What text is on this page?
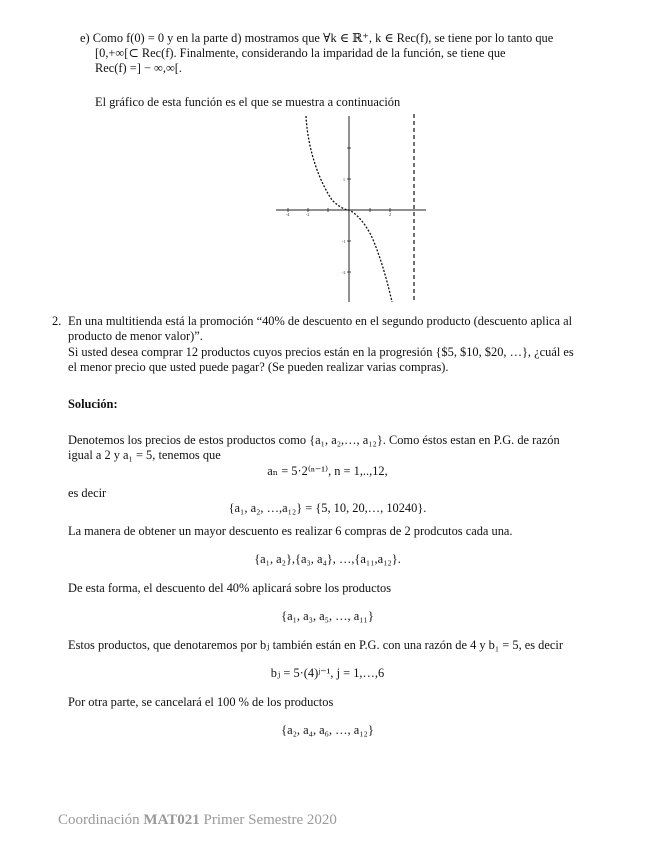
e) Como f(0) = 0 y en la parte d) mostramos que ∀k ∈ ℝ⁺, k ∈ Rec(f), se tiene por lo tanto que
[0,+∞[⊂ Rec(f). Finalmente, considerando la imparidad de la función, se tiene que
Rec(f) =] − ∞,∞[.
El gráfico de esta función es el que se muestra a continuación
-4	-2	2
1
-1
-2
2. En una multitienda está la promoción “40% de descuento en el segundo producto (descuento aplica al
producto de menor valor)”.
Si usted desea comprar 12 productos cuyos precios están en la progresión {$5, $10, $20, …}, ¿cuál es
el menor precio que usted puede pagar? (Se pueden realizar varias compras).
Solución:
Denotemos los precios de estos productos como {a₁, a₂,…, a₁₂}. Como éstos estan en P.G. de razón
igual a 2 y a₁ = 5, tenemos que
aₙ = 5·2⁽ⁿ⁻¹⁾, n = 1,..,12,
es decir
{a₁, a₂, …,a₁₂} = {5, 10, 20,…, 10240}.
La manera de obtener un mayor descuento es realizar 6 compras de 2 prodcutos cada una.
{a₁, a₂},{a₃, a₄}, …,{a₁₁,a₁₂}.
De esta forma, el descuento del 40% aplicará sobre los productos
{a₁, a₃, a₅, …, a₁₁}
Estos productos, que denotaremos por bⱼ también están en P.G. con una razón de 4 y b₁ = 5, es decir
bⱼ = 5·(4)ʲ⁻¹, j = 1,…,6
Por otra parte, se cancelará el 100 % de los productos
{a₂, a₄, a₆, …, a₁₂}
Coordinación MAT021 Primer Semestre 2020
